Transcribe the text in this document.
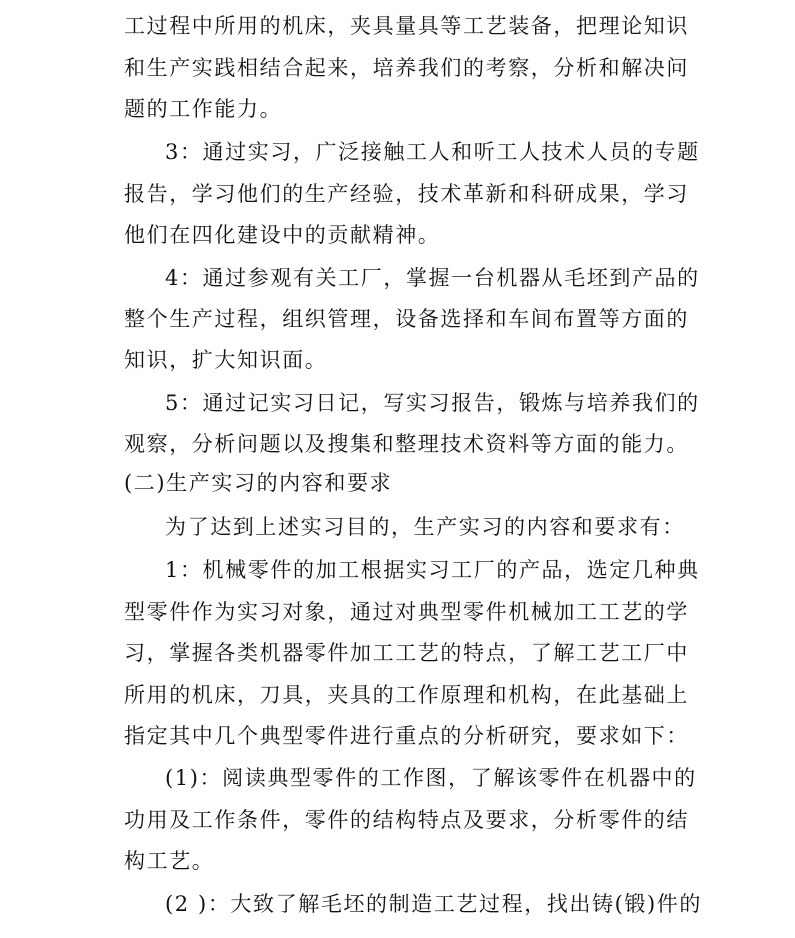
工过程中所用的机床，夹具量具等工艺装备，把理论知识
和生产实践相结合起来，培养我们的考察，分析和解决问
题的工作能力。
3：通过实习，广泛接触工人和听工人技术人员的专题
报告，学习他们的生产经验，技术革新和科研成果，学习
他们在四化建设中的贡献精神。
4：通过参观有关工厂，掌握一台机器从毛坯到产品的
整个生产过程，组织管理，设备选择和车间布置等方面的
知识，扩大知识面。
5：通过记实习日记，写实习报告，锻炼与培养我们的
观察，分析问题以及搜集和整理技术资料等方面的能力。
(二)生产实习的内容和要求
为了达到上述实习目的，生产实习的内容和要求有：
1：机械零件的加工根据实习工厂的产品，选定几种典
型零件作为实习对象，通过对典型零件机械加工工艺的学
习，掌握各类机器零件加工工艺的特点，了解工艺工厂中
所用的机床，刀具，夹具的工作原理和机构，在此基础上
指定其中几个典型零件进行重点的分析研究，要求如下：
(1)：阅读典型零件的工作图，了解该零件在机器中的
功用及工作条件，零件的结构特点及要求，分析零件的结
构工艺。
(2 )：大致了解毛坯的制造工艺过程，找出铸(锻)件的
